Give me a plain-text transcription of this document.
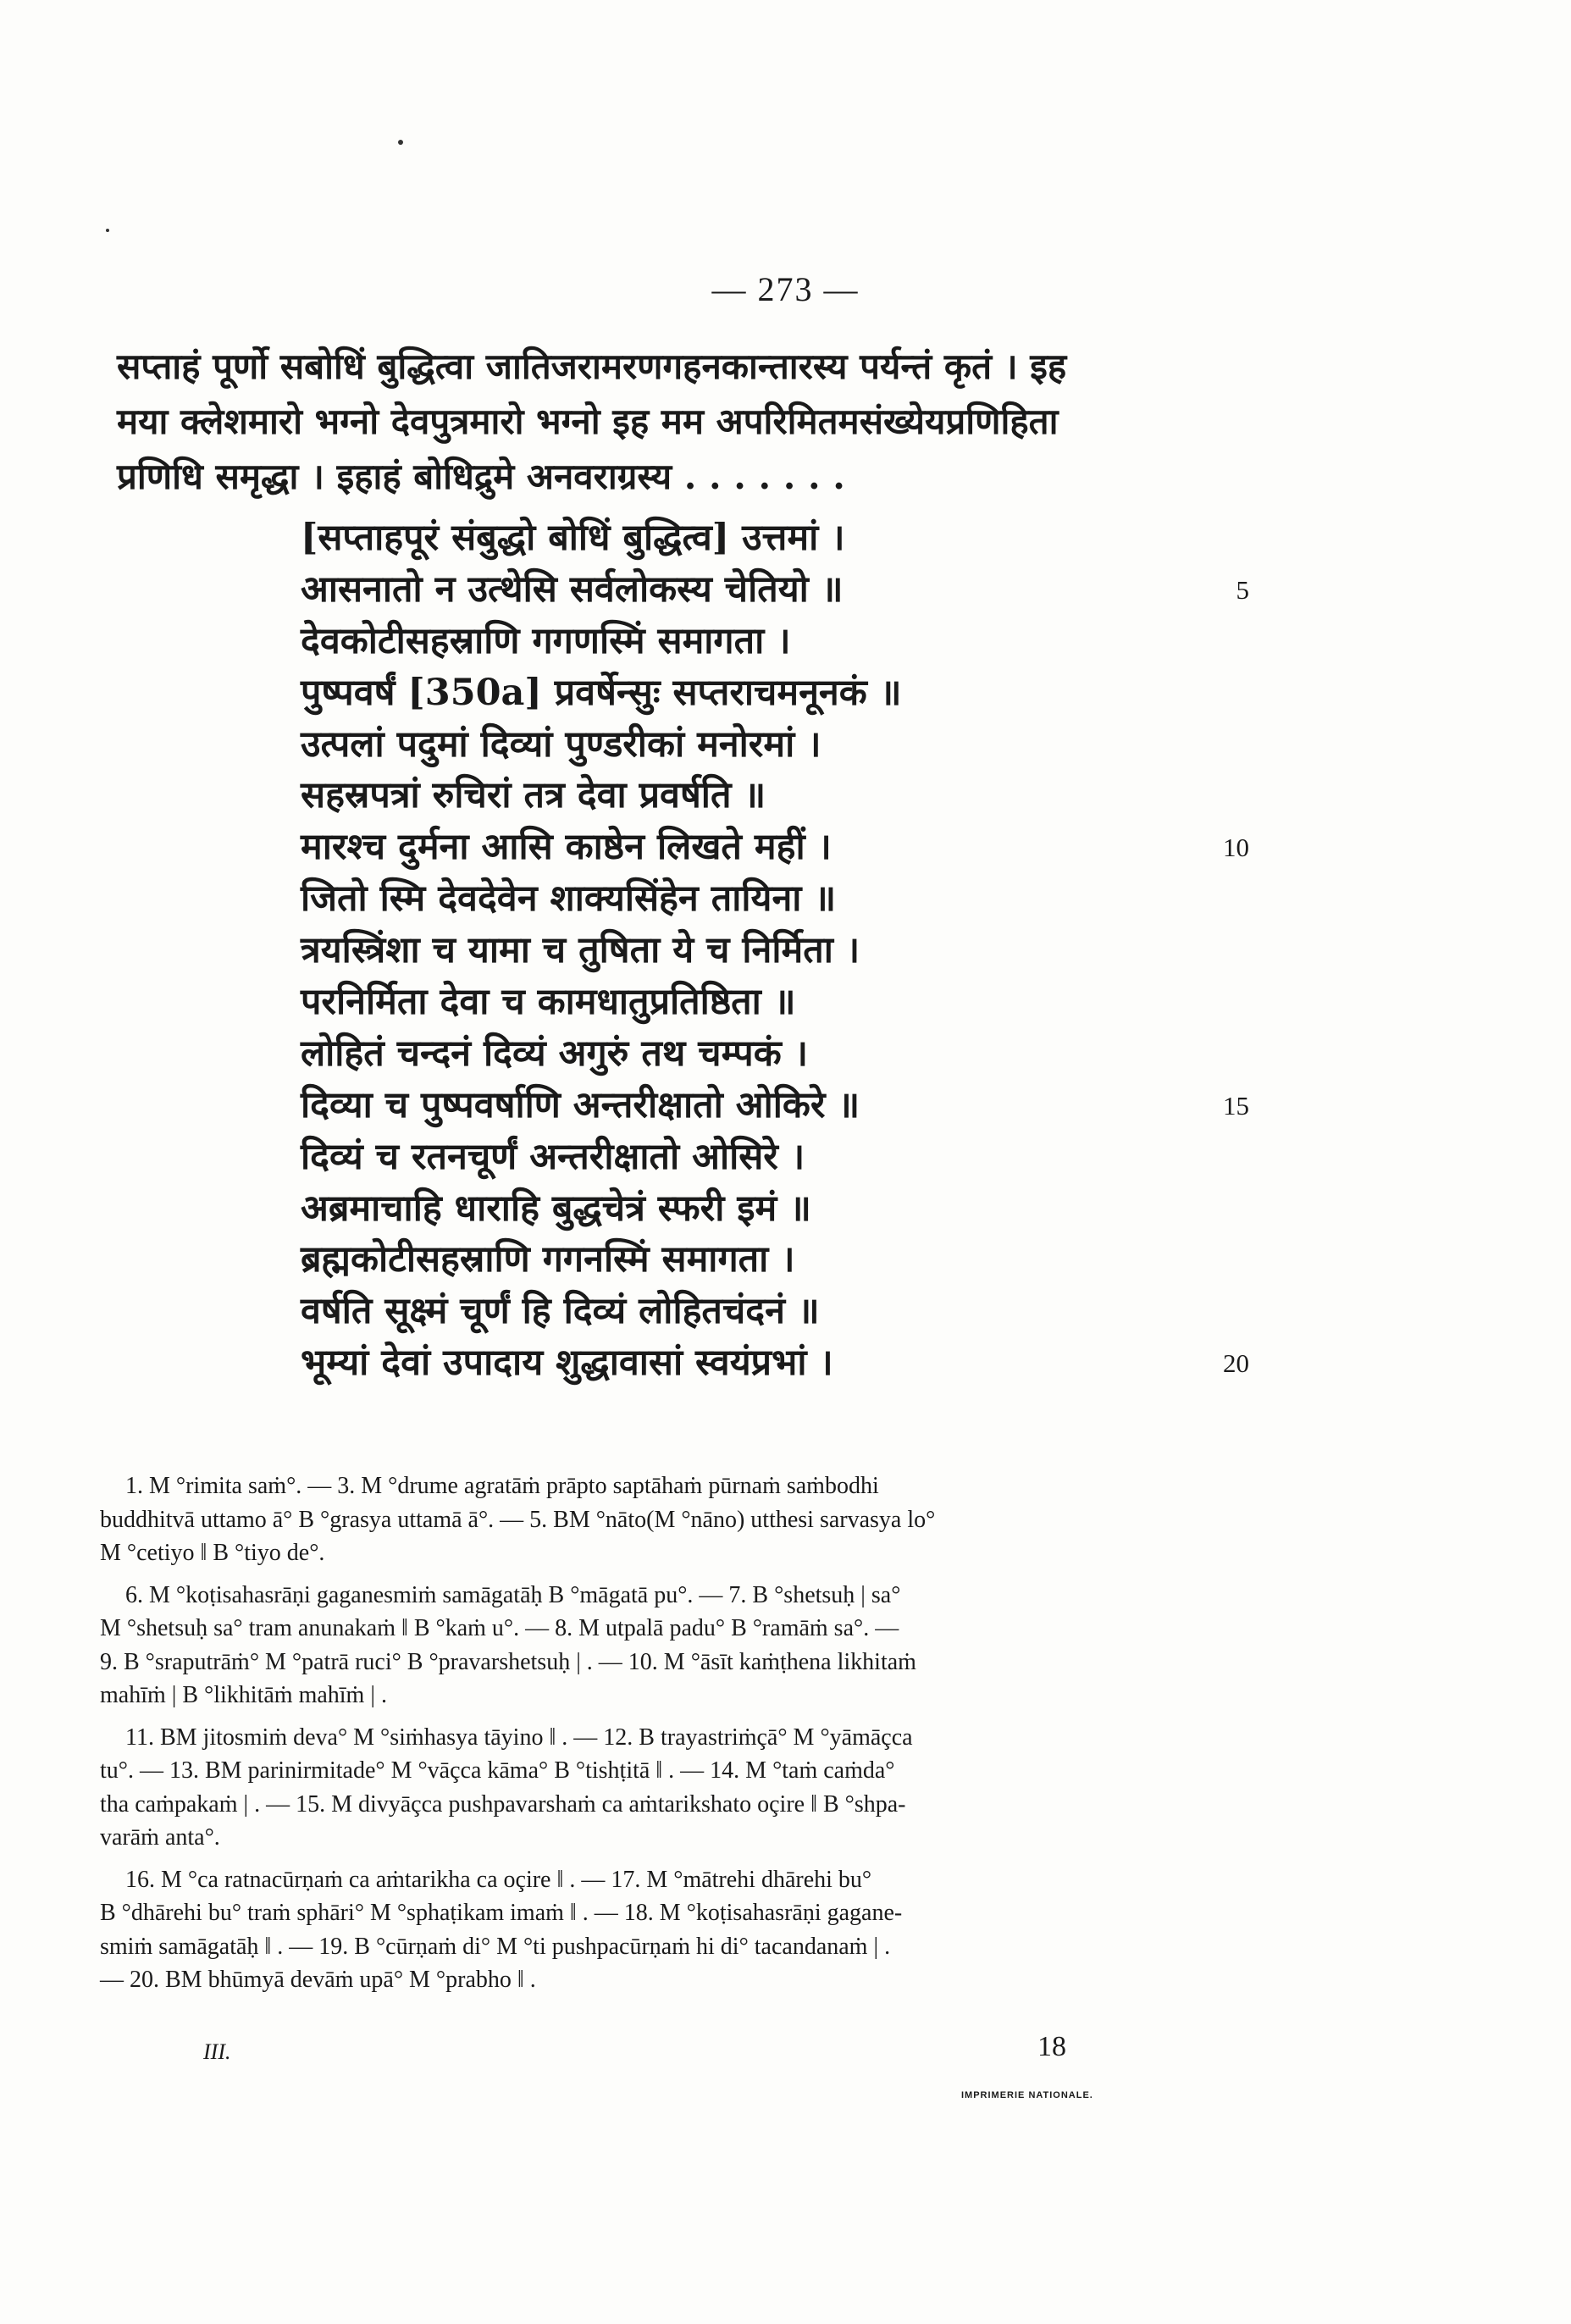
— 273 —
सप्ताहं पूर्णो सबोधिं बुद्धित्वा जातिजरामरणगहनकान्तारस्य पर्यन्तं कृतं । इह
मया क्लेशमारो भग्नो देवपुत्रमारो भग्नो इह मम अपरिमितमसंख्येयप्रणिहिता
प्रणिधि समृद्धा । इहाहं बोधिद्रुमे अनवराग्रस्य . . . . . . .
[सप्ताहपूरं संबुद्धो बोधिं बुद्धित्व] उत्तमां ।
आसनातो न उत्थेसि सर्वलोकस्य चेतियो ॥
देवकोटीसहस्राणि गगणस्मिं समागता ।
पुष्पवर्षं [350a] प्रवर्षेन्सुः सप्तराचमनूनकं ॥
उत्पलां पदुमां दिव्यां पुण्डरीकां मनोरमां ।
सहस्रपत्रां रुचिरां तत्र देवा प्रवर्षति ॥
मारश्च दुर्मना आसि काष्ठेन लिखते महीं ।
जितो स्मि देवदेवेन शाक्यसिंहेन तायिना ॥
त्रयस्त्रिंशा च यामा च तुषिता ये च निर्मिता ।
परनिर्मिता देवा च कामधातुप्रतिष्ठिता ॥
लोहितं चन्दनं दिव्यं अगुरुं तथ चम्पकं ।
दिव्या च पुष्पवर्षाणि अन्तरीक्षातो ओकिरे ॥
दिव्यं च रतनचूर्णं अन्तरीक्षातो ओसिरे ।
अब्रमाचाहि धाराहि बुद्धचेत्रं स्फरी इमं ॥
ब्रह्मकोटीसहस्राणि गगनस्मिं समागता ।
वर्षति सूक्ष्मं चूर्णं हि दिव्यं लोहितचंदनं ॥
भूम्यां देवां उपादाय शुद्धावासां स्वयंप्रभां ।
5
10
15
20
1. M °rimita saṁ°. — 3. M °drume agratāṁ prāpto saptāhaṁ pūrnaṁ saṁbodhi
buddhitvā uttamo ā° B °grasya uttamā ā°. — 5. BM °nāto(M °nāno) utthesi sarvasya lo°
M °cetiyo ‖ B °tiyo de°.
6. M °koṭisahasrāṇi gaganesmiṁ samāgatāḥ B °māgatā pu°. — 7. B °shetsuḥ | sa°
M °shetsuḥ sa° tram anunakaṁ ‖ B °kaṁ u°. — 8. M utpalā padu° B °ramāṁ sa°. —
9. B °sraputrāṁ° M °patrā ruci° B °pravarshetsuḥ | . — 10. M °āsīt kaṁṭhena likhitaṁ
mahīṁ | B °likhitāṁ mahīṁ | .
11. BM jitosmiṁ deva° M °siṁhasya tāyino ‖ . — 12. B trayastriṁçā° M °yāmāçca
tu°. — 13. BM parinirmitade° M °vāçca kāma° B °tishṭitā ‖ . — 14. M °taṁ caṁda°
tha caṁpakaṁ | . — 15. M divyāçca pushpavarshaṁ ca aṁtarikshato oçire ‖ B °shpa-
varāṁ anta°.
16. M °ca ratnacūrṇaṁ ca aṁtarikha ca oçire ‖ . — 17. M °mātrehi dhārehi bu°
B °dhārehi bu° traṁ sphāri° M °sphaṭikam imaṁ ‖ . — 18. M °koṭisahasrāṇi gagane-
smiṁ samāgatāḥ ‖ . — 19. B °cūrṇaṁ di° M °ti pushpacūrṇaṁ hi di° tacandanaṁ | .
— 20. BM bhūmyā devāṁ upā° M °prabho ‖ .
III.	18
IMPRIMERIE NATIONALE.
